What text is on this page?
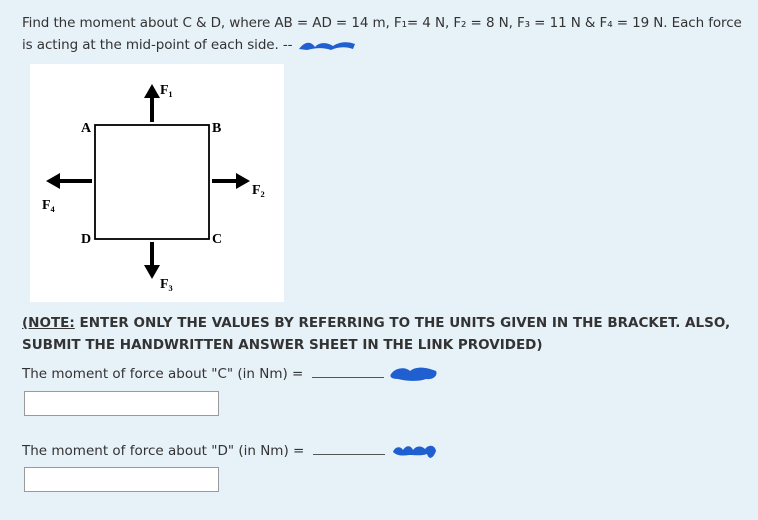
Find the moment about C & D, where AB = AD = 14 m, F₁= 4 N, F₂ = 8 N, F₃ = 11 N & F₄ = 19 N. Each force is acting at the mid-point of each side. --
A	B
C
D
F₁
F₂
F₃
F₄
(NOTE: ENTER ONLY THE VALUES BY REFERRING TO THE UNITS GIVEN IN THE BRACKET. ALSO, SUBMIT THE HANDWRITTEN ANSWER SHEET IN THE LINK PROVIDED)
The moment of force about "C" (in Nm) =
The moment of force about "D" (in Nm) =
